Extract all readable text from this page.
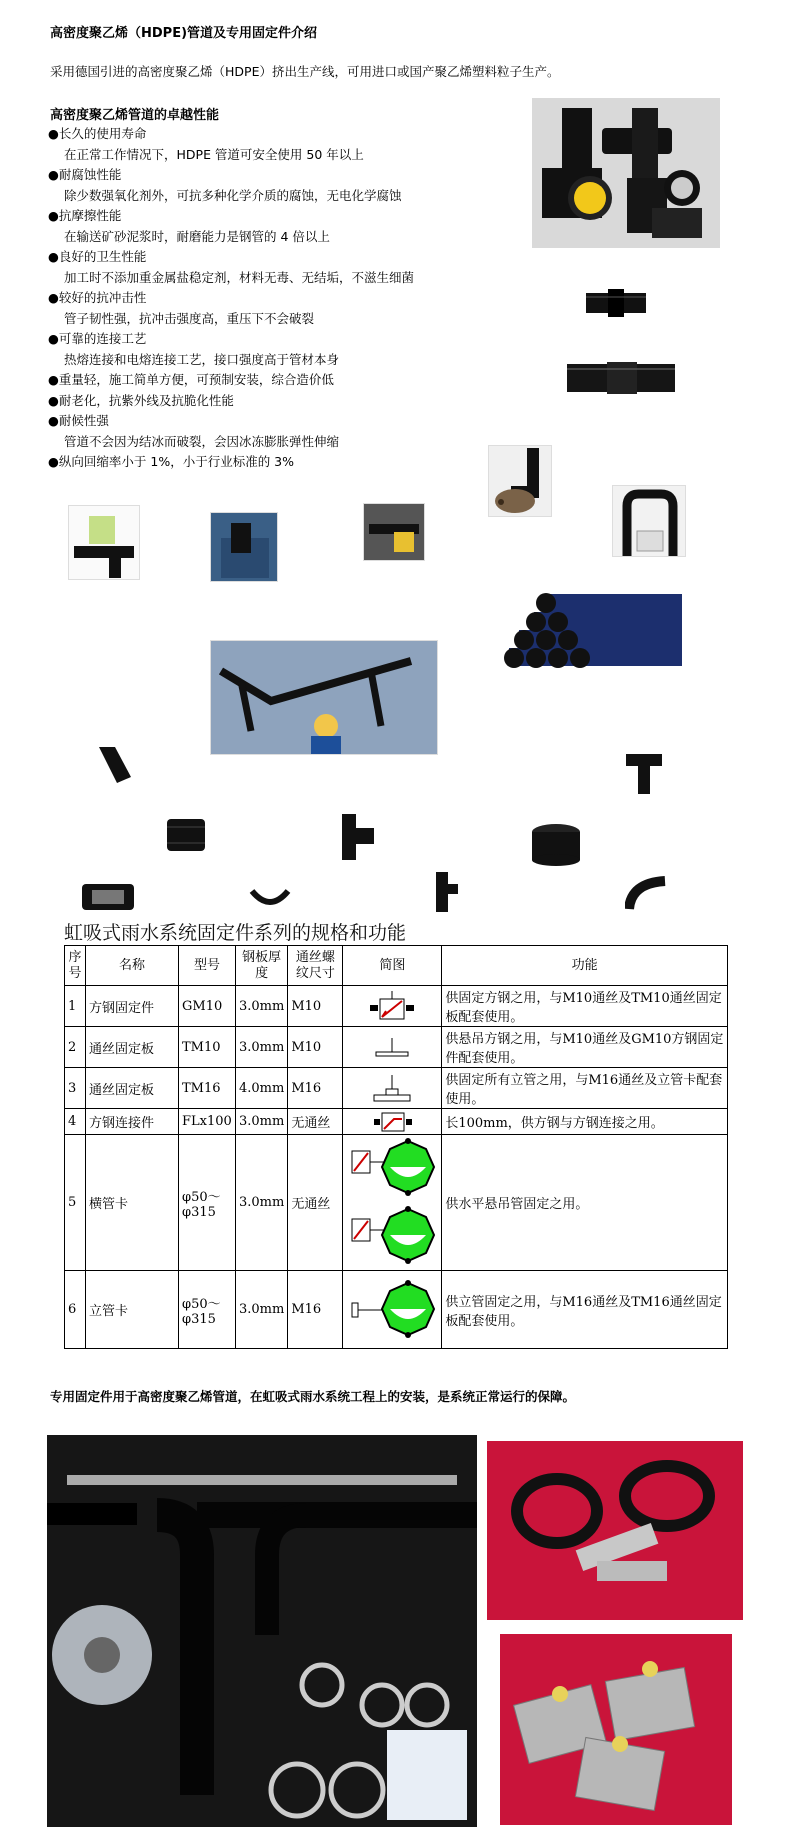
高密度聚乙烯（HDPE)管道及专用固定件介绍
采用德国引进的高密度聚乙烯（HDPE）挤出生产线，可用进口或国产聚乙烯塑料粒子生产。
高密度聚乙烯管道的卓越性能
●长久的使用寿命
在正常工作情况下，HDPE 管道可安全使用 50 年以上
●耐腐蚀性能
除少数强氧化剂外，可抗多种化学介质的腐蚀，无电化学腐蚀
●抗摩擦性能
在输送矿砂泥浆时，耐磨能力是钢管的 4 倍以上
●良好的卫生性能
加工时不添加重金属盐稳定剂，材料无毒、无结垢，不滋生细菌
●较好的抗冲击性
管子韧性强，抗冲击强度高，重压下不会破裂
●可靠的连接工艺
热熔连接和电熔连接工艺，接口强度高于管材本身
●重量轻，施工简单方便，可预制安装，综合造价低
●耐老化，抗紫外线及抗脆化性能
●耐候性强
管道不会因为结冰而破裂，会因冰冻膨胀弹性伸缩
●纵向回缩率小于 1%，小于行业标准的 3%
虹吸式雨水系统固定件系列的规格和功能
序号	名称	型号	钢板厚度	通丝螺纹尺寸	简图	功能
1	方钢固定件	GM10	3.0mm	M10		供固定方钢之用，与M10通丝及TM10通丝固定板配套使用。
2	通丝固定板	TM10	3.0mm	M10		供悬吊方钢之用，与M10通丝及GM10方钢固定件配套使用。
3	通丝固定板	TM16	4.0mm	M16		供固定所有立管之用，与M16通丝及立管卡配套使用。
4	方钢连接件	FLx100	3.0mm	无通丝		长100mm，供方钢与方钢连接之用。
5	横管卡	φ50～φ315	3.0mm	无通丝		供水平悬吊管固定之用。
6	立管卡	φ50～φ315	3.0mm	M16		供立管固定之用，与M16通丝及TM16通丝固定板配套使用。
专用固定件用于高密度聚乙烯管道，在虹吸式雨水系统工程上的安装，是系统正常运行的保障。
